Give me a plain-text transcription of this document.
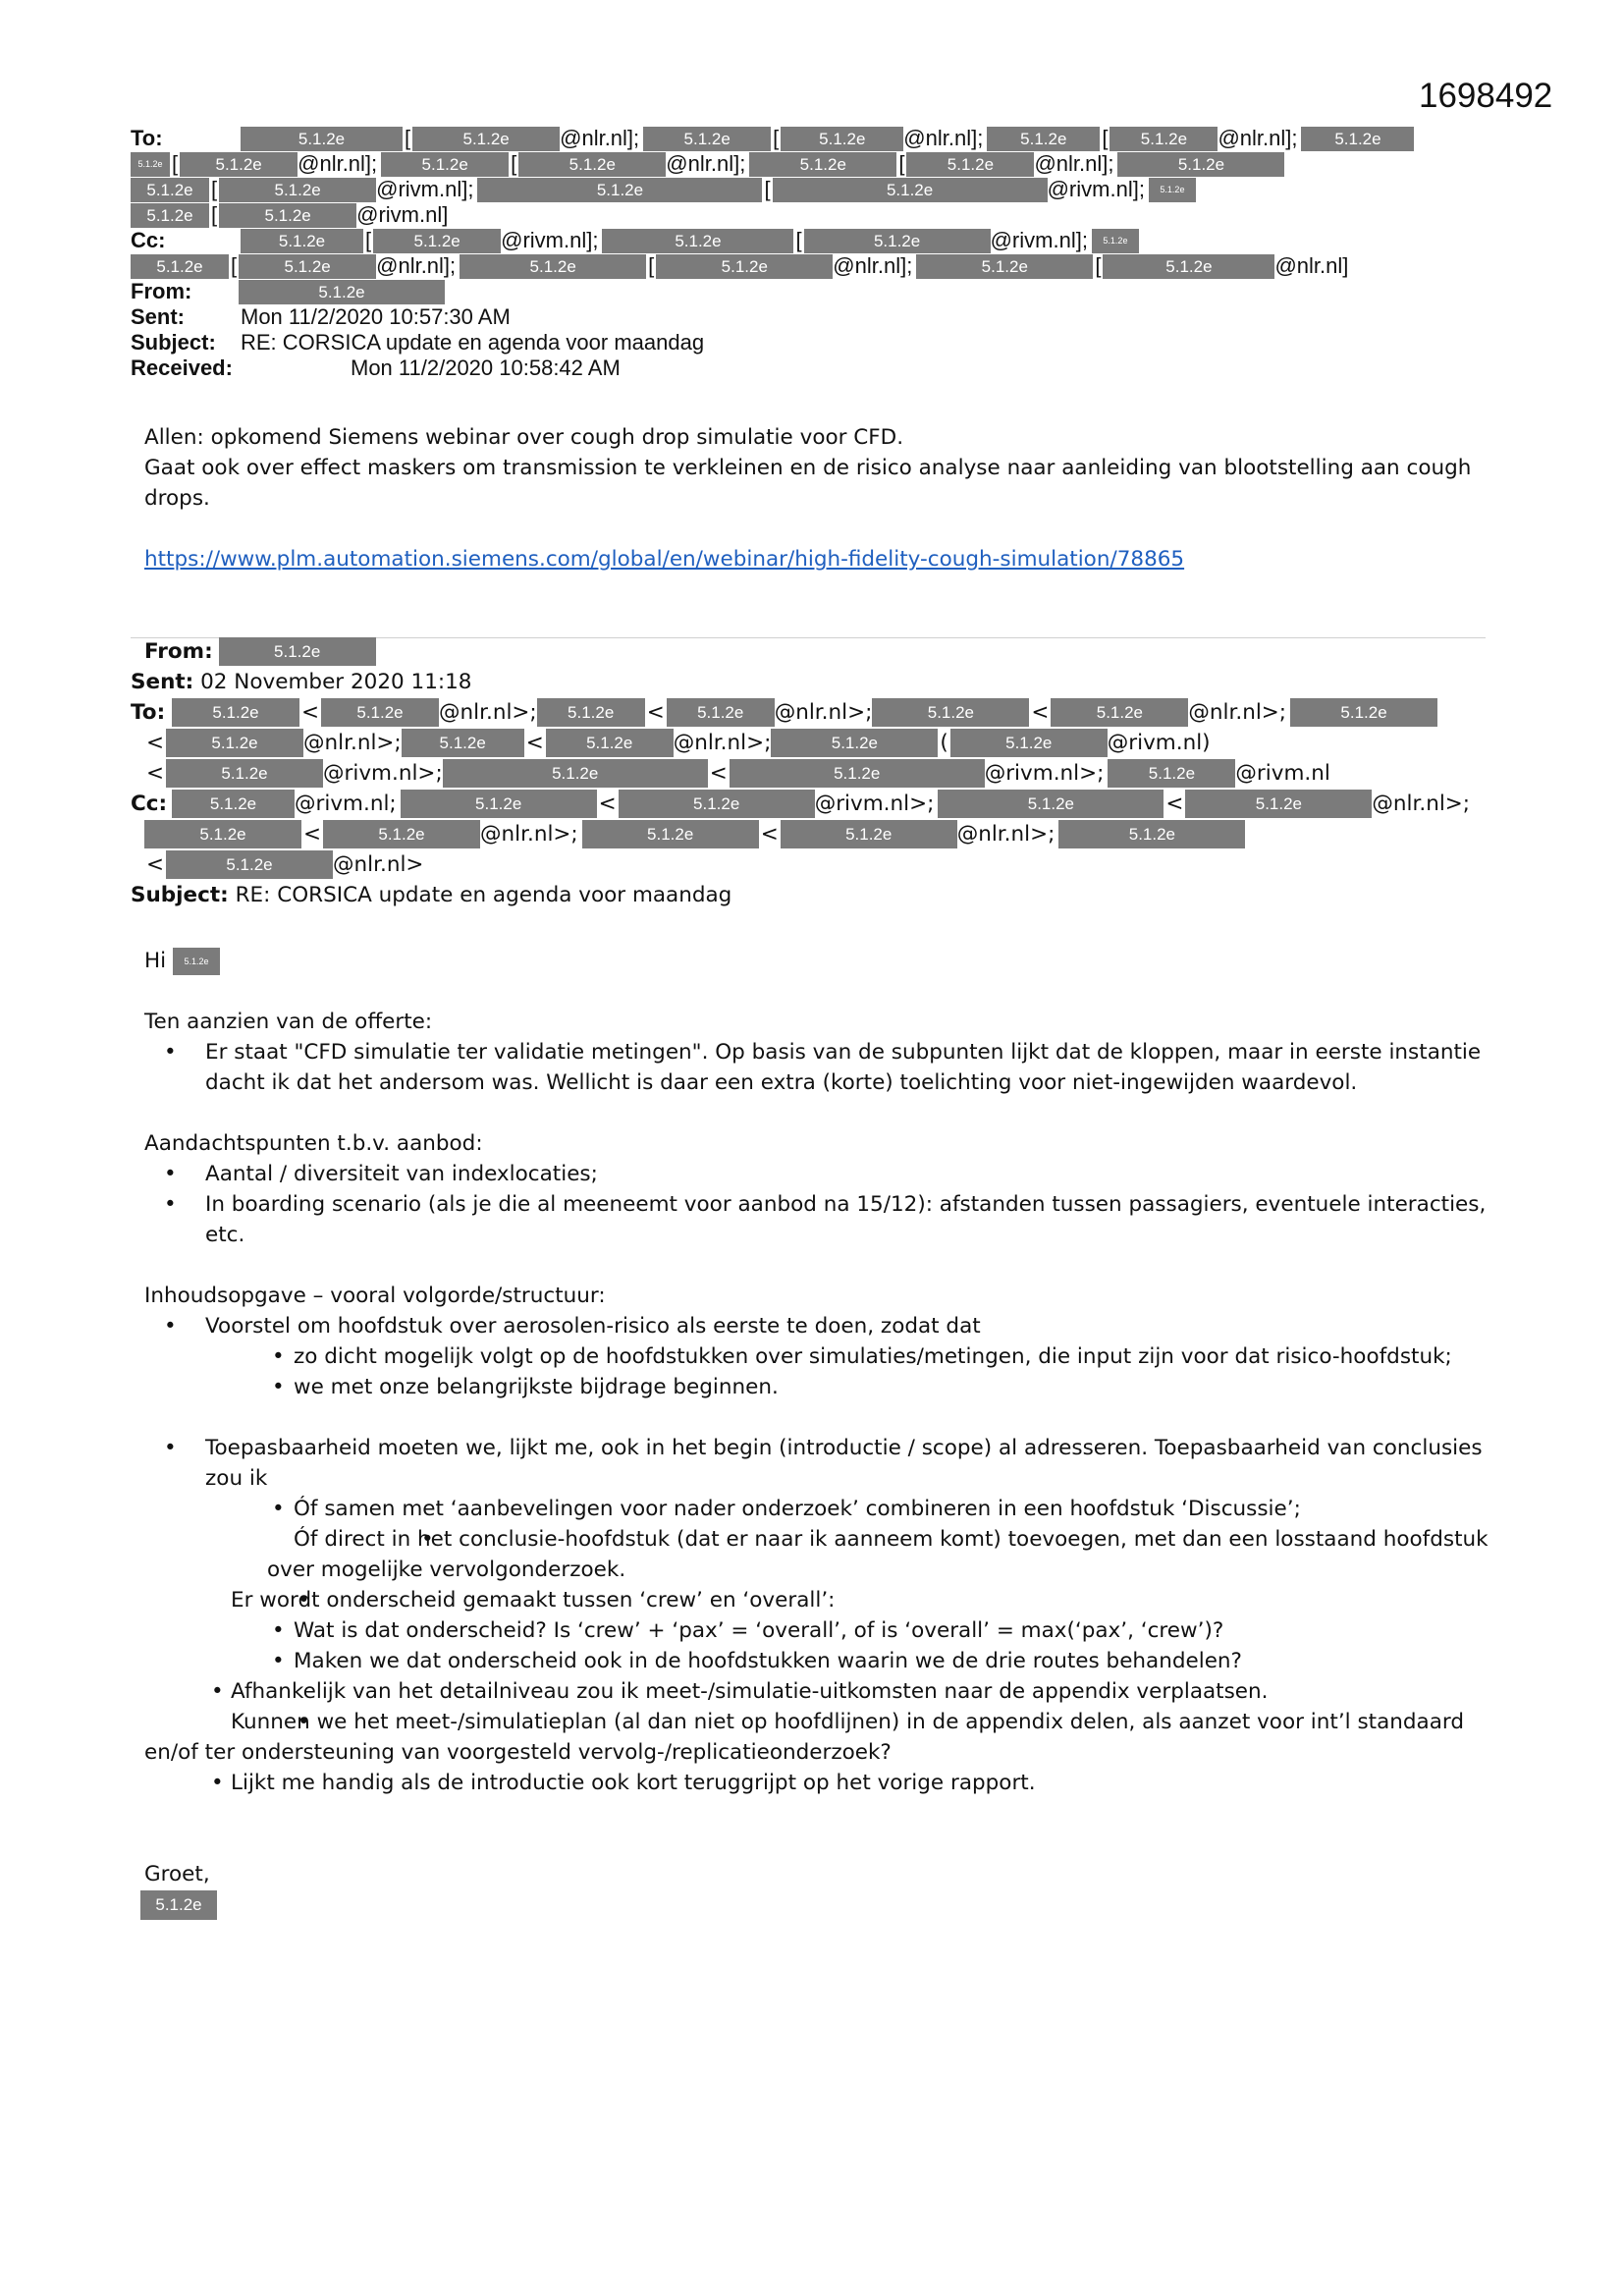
1698492
To:	5.1.2e	[	5.1.2e	@nlr.nl];	5.1.2e	[	5.1.2e	@nlr.nl];	5.1.2e	[	5.1.2e	@nlr.nl];	5.1.2e
5.1.2e [	5.1.2e	@nlr.nl];	5.1.2e	[	5.1.2e	@nlr.nl];	5.1.2e	[	5.1.2e	@nlr.nl];	5.1.2e
5.1.2e [	5.1.2e	@rivm.nl];	5.1.2e	[	5.1.2e	@rivm.nl];	5.1.2e
5.1.2e [	5.1.2e	@rivm.nl]
Cc:	5.1.2e	[	5.1.2e	@rivm.nl];	5.1.2e	[	5.1.2e	@rivm.nl];	5.1.2e
5.1.2e	[	5.1.2e	@nlr.nl];	5.1.2e	[	5.1.2e	@nlr.nl];	5.1.2e	[	5.1.2e	@nlr.nl]
From:	5.1.2e
Sent:	Mon 11/2/2020 10:57:30 AM
Subject:	RE: CORSICA update en agenda voor maandag
Received:	Mon 11/2/2020 10:58:42 AM

Allen: opkomend Siemens webinar over cough drop simulatie voor CFD.

Gaat ook over effect maskers om transmission te verkleinen en de risico analyse naar aanleiding van blootstelling aan cough drops.

https://www.plm.automation.siemens.com/global/en/webinar/high-fidelity-cough-simulation/78865

From:	5.1.2e
Sent:
02 November 2020 11:18
To:	5.1.2e	<	5.1.2e	@nlr.nl>;	5.1.2e	<	5.1.2e	@nlr.nl>;	5.1.2e	<	5.1.2e	@nlr.nl>;	5.1.2e
<	5.1.2e	@nlr.nl>;	5.1.2e	<	5.1.2e	@nlr.nl>;	5.1.2e	(	5.1.2e	@rivm.nl)
<	5.1.2e	@rivm.nl>;	5.1.2e	<	5.1.2e	@rivm.nl>;	5.1.2e	@rivm.nl
Cc:	5.1.2e	@rivm.nl;	5.1.2e	<	5.1.2e	@rivm.nl>;	5.1.2e	<	5.1.2e	@nlr.nl>;
5.1.2e	<	5.1.2e	@nlr.nl>;	5.1.2e	<	5.1.2e	@nlr.nl>;	5.1.2e
<	5.1.2e	@nlr.nl>
Subject:
RE: CORSICA update en agenda voor maandag

Hi 5.1.2e

Ten aanzien van de offerte:

• Er staat "CFD simulatie ter validatie metingen". Op basis van de subpunten lijkt dat de kloppen, maar in eerste instantie dacht ik dat het andersom was. Wellicht is daar een extra (korte) toelichting voor niet-ingewijden waardevol.

Aandachtspunten t.b.v. aanbod:

• Aantal / diversiteit van indexlocaties;
• In boarding scenario (als je die al meeneemt voor aanbod na 15/12): afstanden tussen passagiers, eventuele interacties, etc.

Inhoudsopgave – vooral volgorde/structuur:

• Voorstel om hoofdstuk over aerosolen-risico als eerste te doen, zodat dat
• zo dicht mogelijk volgt op de hoofdstukken over simulaties/metingen, die input zijn voor dat risico-hoofdstuk;
• we met onze belangrijkste bijdrage beginnen.
• Toepasbaarheid moeten we, lijkt me, ook in het begin (introductie / scope) al adresseren. Toepasbaarheid van conclusies zou ik
• Óf samen met ‘aanbevelingen voor nader onderzoek’ combineren in een hoofdstuk ‘Discussie’;
• Óf direct in het conclusie-hoofdstuk (dat er naar ik aanneem komt) toevoegen, met dan een losstaand hoofdstuk over mogelijke vervolgonderzoek.
• Er wordt onderscheid gemaakt tussen ‘crew’ en ‘overall’:
• Wat is dat onderscheid? Is ‘crew’ + ‘pax’ = ‘overall’, of is ‘overall’ = max(‘pax’, ‘crew’)?
• Maken we dat onderscheid ook in de hoofdstukken waarin we de drie routes behandelen?
• Afhankelijk van het detailniveau zou ik meet-/simulatie-uitkomsten naar de appendix verplaatsen.
• Kunnen we het meet-/simulatieplan (al dan niet op hoofdlijnen) in de appendix delen, als aanzet voor int’l standaard en/of ter ondersteuning van voorgesteld vervolg-/replicatieonderzoek?
• Lijkt me handig als de introductie ook kort teruggrijpt op het vorige rapport.

Groet,

5.1.2e
